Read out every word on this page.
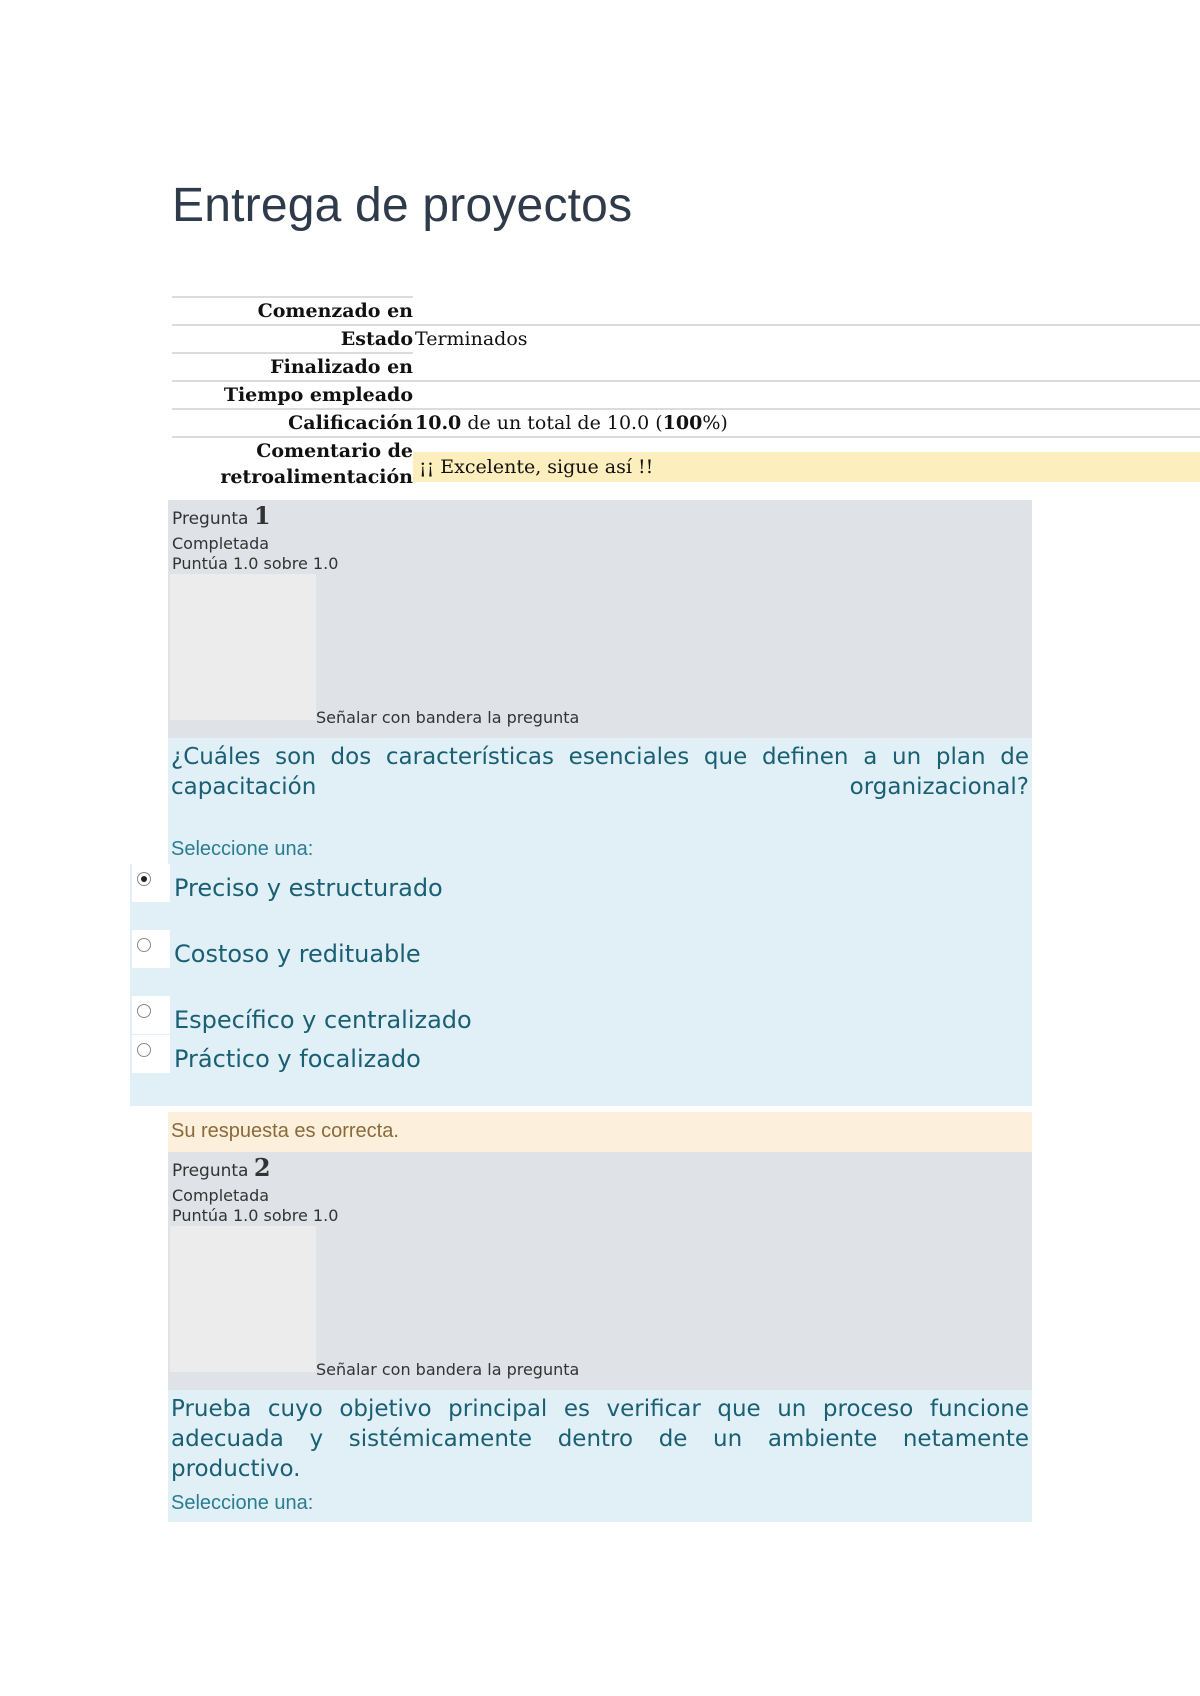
Entrega de proyectos
Comenzado en
Estado Terminados
Finalizado en
Tiempo empleado
Calificación 10.0 de un total de 10.0 (100%)
Comentario de
retroalimentación ¡¡ Excelente, sigue así !!
Pregunta 1
Completada
Puntúa 1.0 sobre 1.0
Señalar con bandera la pregunta

¿Cuáles son dos características esenciales que definen a un plan de

capacitación organizacional?

Seleccione una:
Preciso y estructurado
Costoso y redituable
Específico y centralizado
Práctico y focalizado
Su respuesta es correcta.
Pregunta 2
Completada
Puntúa 1.0 sobre 1.0
Señalar con bandera la pregunta

Prueba cuyo objetivo principal es verificar que un proceso funcione

adecuada y sistémicamente dentro de un ambiente netamente

productivo.

Seleccione una:
